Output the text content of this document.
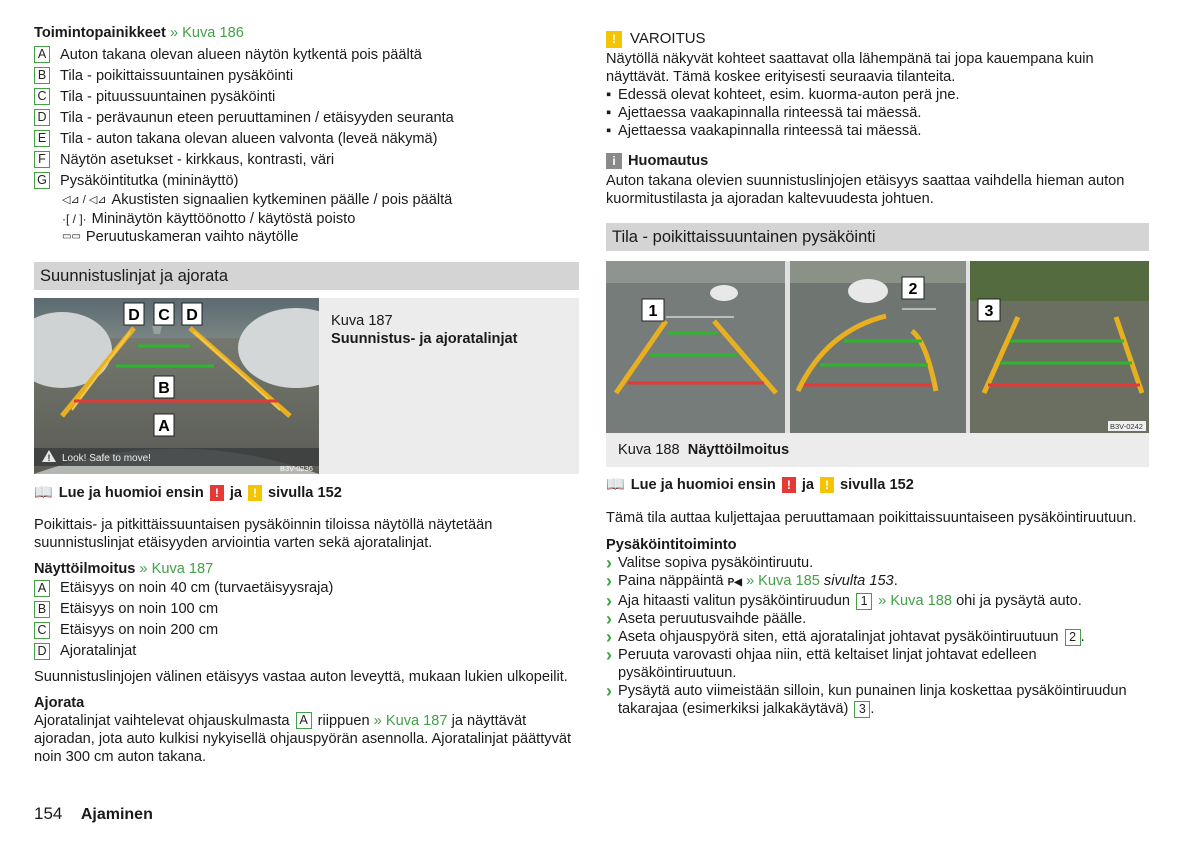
Toimintopainikkeet » Kuva 186
A Auton takana olevan alueen näytön kytkentä pois päältä
B Tila - poikittaissuuntainen pysäköinti
C Tila - pituussuuntainen pysäköinti
D Tila - perävaunun eteen peruuttaminen / etäisyyden seuranta
E Tila - auton takana olevan alueen valvonta (leveä näkymä)
F Näytön asetukset - kirkkaus, kontrasti, väri
G Pysäköintitutka (mininäyttö)
◁⊿ / ◁⊿ Akustisten signaalien kytkeminen päälle / pois päältä
·[ / ]· Mininäytön käyttöönotto / käytöstä poisto
▭▭ Peruutuskameran vaihto näytölle
Suunnistuslinjat ja ajorata
D C D
B
A
! Look! Safe to move!
B3V-0236
Kuva 187
Suunnistus- ja ajoratalinjat
📖 Lue ja huomioi ensin ! ja ! sivulla 152
Poikittais- ja pitkittäissuuntaisen pysäköinnin tiloissa näytöllä näytetään suunnistuslinjat etäisyyden arviointia varten sekä ajoratalinjat.
Näyttöilmoitus » Kuva 187
A Etäisyys on noin 40 cm (turvaetäisyysraja)
B Etäisyys on noin 100 cm
C Etäisyys on noin 200 cm
D Ajoratalinjat
Suunnistuslinjojen välinen etäisyys vastaa auton leveyttä, mukaan lukien ulkopeilit.
Ajorata
Ajoratalinjat vaihtelevat ohjauskulmasta A riippuen » Kuva 187 ja näyttävät ajoradan, jota auto kulkisi nykyisellä ohjauspyörän asennolla. Ajoratalinjat päättyvät noin 300 cm auton takana.
! VAROITUS
Näytöllä näkyvät kohteet saattavat olla lähempänä tai jopa kauempana kuin näyttävät. Tämä koskee erityisesti seuraavia tilanteita.
▪ Edessä olevat kohteet, esim. kuorma-auton perä jne.
▪ Ajettaessa vaakapinnalla rinteessä tai mäessä.
▪ Ajettaessa vaakapinnalla rinteessä tai mäessä.
i Huomautus
Auton takana olevien suunnistuslinjojen etäisyys saattaa vaihdella hieman auton kuormitustilasta ja ajoradan kaltevuudesta johtuen.
Tila - poikittaissuuntainen pysäköinti
1
2
3
B3V-0242
Kuva 188 Näyttöilmoitus
📖 Lue ja huomioi ensin ! ja ! sivulla 152
Tämä tila auttaa kuljettajaa peruuttamaan poikittaissuuntaiseen pysäköintiruutuun.
Pysäköintitoiminto
› Valitse sopiva pysäköintiruutu.
› Paina näppäintä P◀ » Kuva 185 sivulta 153.
› Aja hitaasti valitun pysäköintiruudun 1 » Kuva 188 ohi ja pysäytä auto.
› Aseta peruutusvaihde päälle.
› Aseta ohjauspyörä siten, että ajoratalinjat johtavat pysäköintiruutuun 2 .
› Peruuta varovasti ohjaa niin, että keltaiset linjat johtavat edelleen pysäköintiruutuun.
› Pysäytä auto viimeistään silloin, kun punainen linja koskettaa pysäköintiruudun takarajaa (esimerkiksi jalkakäytävä) 3 .
154 Ajaminen
